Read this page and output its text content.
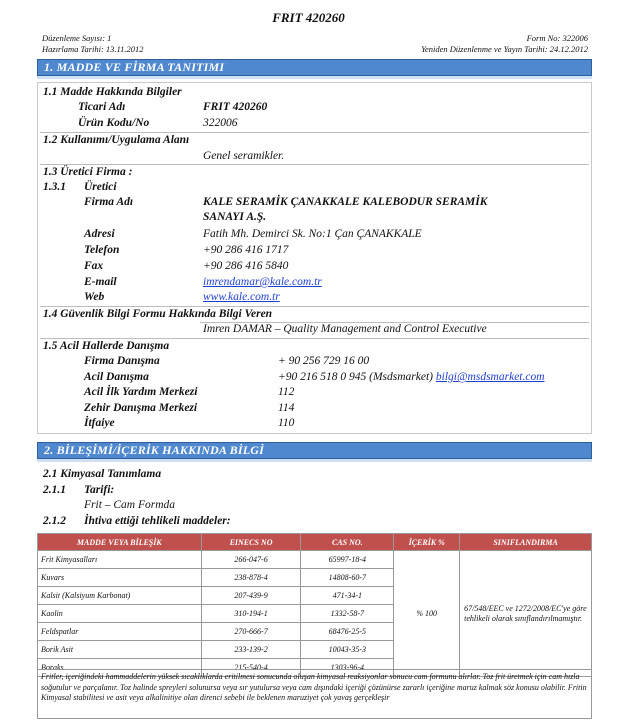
FRIT 420260
Düzenleme Sayısı: 1	Form No: 322006
Hazırlama Tarihi: 13.11.2012	Yeniden Düzenlenme ve Yayın Tarihi: 24.12.2012
1. MADDE VE FİRMA TANITIMI
1.1 Madde Hakkında Bilgiler
Ticari Adı	FRIT 420260
Ürün Kodu/No	322006
1.2 Kullanımı/Uygulama Alanı
Genel seramikler.
1.3 Üretici Firma :
1.3.1 Üretici
Firma Adı	KALE SERAMİK ÇANAKKALE KALEBODUR SERAMİK
SANAYI A.Ş.
Adresi	Fatih Mh. Demirci Sk. No:1 Çan ÇANAKKALE
Telefon	+90 286 416 1717
Fax	+90 286 416 5840
E-mail	imrendamar@kale.com.tr
Web	www.kale.com.tr
1.4 Güvenlik Bilgi Formu Hakkında Bilgi Veren
Imren DAMAR – Quality Management and Control Executive
1.5 Acil Hallerde Danışma
Firma Danışma	+ 90 256 729 16 00
Acil Danışma	+90 216 518 0 945 (Msdsmarket) bilgi@msdsmarket.com
Acil İlk Yardım Merkezi	112
Zehir Danışma Merkezi	114
İtfaiye	110
2. BİLEŞİMİ/İÇERİK HAKKINDA BİLGİ
2.1 Kimyasal Tanımlama
2.1.1 Tarifi:
Frit – Cam Formda
2.1.2 İhtiva ettiği tehlikeli maddeler:
MADDE VEYA BİLEŞİK	EINECS NO	CAS NO.	İÇERİK %	SINIFLANDIRMA
Frit Kimyasalları	266-047-6	65997-18-4	% 100	67/548/EEC ve 1272/2008/EC'ye göre tehlikeli olarak sınıflandırılmamıştır.
Kuvars	238-878-4	14808-60-7		
Kalsit (Kalsiyum Karbonat)	207-439-9	471-34-1		
Kaolin	310-194-1	1332-58-7		
Feldspatlar	270-666-7	68476-25-5		
Borik Asit	233-139-2	10043-35-3		
Boraks	215-540-4	1303-96-4		
Fritler, içeriğindeki hammaddelerin yüksek sıcaklıklarda eritilmesi sonucunda oluşan kimyasal reaksiyonlar sonucu cam formunu alırlar. Toz frit üretmek için cam hızla soğutulur ve parçalanır. Toz halinde spreyleri solunursa veya sır yutulursa veya cam dışındaki içeriği çözünürse zararlı içeriğine maruz kalmak söz konusu olabilir. Fritin Kimyasal stabilitesi ve asit veya alkalinitiye olan direnci sebebi ile beklenen maruziyet çok yavaş gerçekleşir
